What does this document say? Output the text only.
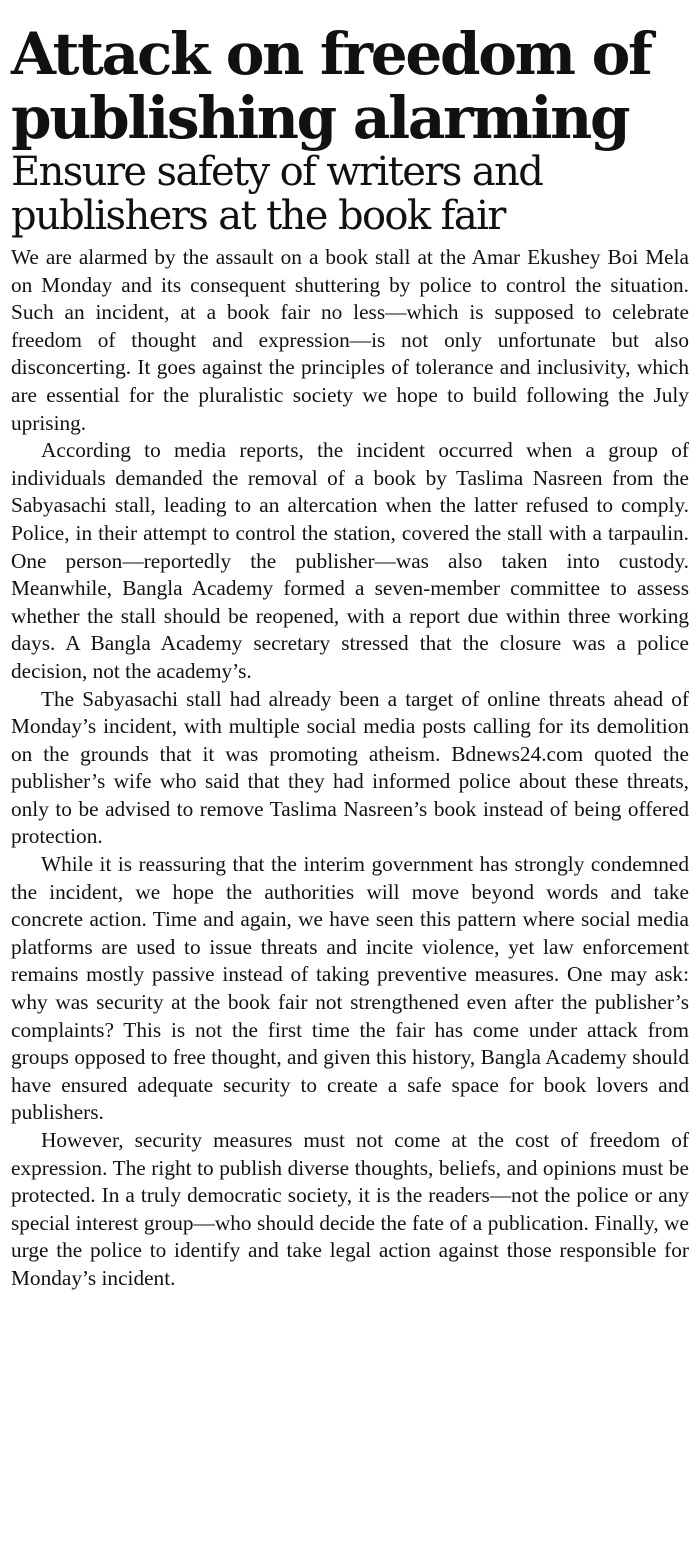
Attack on freedom of publishing alarming
Ensure safety of writers and publishers at the book fair

We are alarmed by the assault on a book stall at the Amar Ekushey Boi Mela on Monday and its consequent shuttering by police to control the situation. Such an incident, at a book fair no less—which is supposed to celebrate freedom of thought and expression—is not only unfortunate but also disconcerting. It goes against the principles of tolerance and inclusivity, which are essential for the pluralistic society we hope to build following the July uprising.

According to media reports, the incident occurred when a group of individuals demanded the removal of a book by Taslima Nasreen from the Sabyasachi stall, leading to an altercation when the latter refused to comply. Police, in their attempt to control the station, covered the stall with a tarpaulin. One person—reportedly the publisher—was also taken into custody. Meanwhile, Bangla Academy formed a seven-member committee to assess whether the stall should be reopened, with a report due within three working days. A Bangla Academy secretary stressed that the closure was a police decision, not the academy’s.

The Sabyasachi stall had already been a target of online threats ahead of Monday’s incident, with multiple social media posts calling for its demolition on the grounds that it was promoting atheism. Bdnews24.com quoted the publisher’s wife who said that they had informed police about these threats, only to be advised to remove Taslima Nasreen’s book instead of being offered protection.

While it is reassuring that the interim government has strongly condemned the incident, we hope the authorities will move beyond words and take concrete action. Time and again, we have seen this pattern where social media platforms are used to issue threats and incite violence, yet law enforcement remains mostly passive instead of taking preventive measures. One may ask: why was security at the book fair not strengthened even after the publisher’s complaints? This is not the first time the fair has come under attack from groups opposed to free thought, and given this history, Bangla Academy should have ensured adequate security to create a safe space for book lovers and publishers.

However, security measures must not come at the cost of freedom of expression. The right to publish diverse thoughts, beliefs, and opinions must be protected. In a truly democratic society, it is the readers—not the police or any special interest group—who should decide the fate of a publication. Finally, we urge the police to identify and take legal action against those responsible for Monday’s incident.
